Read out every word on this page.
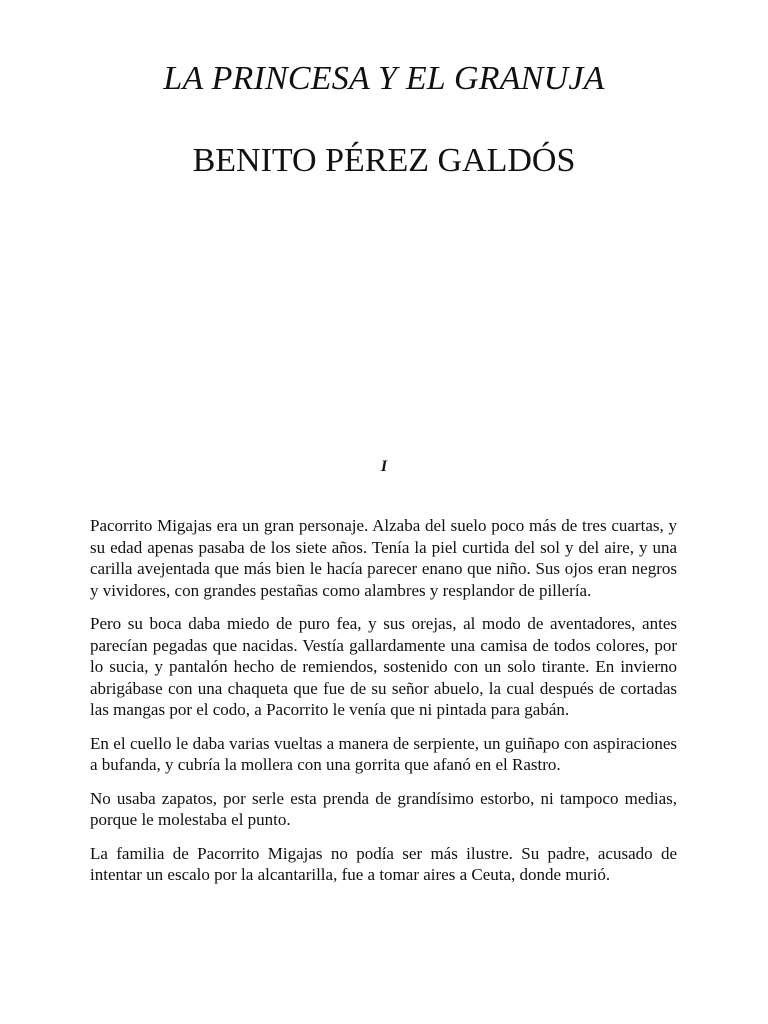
LA PRINCESA Y EL GRANUJA
BENITO PÉREZ GALDÓS
I

Pacorrito Migajas era un gran personaje. Alzaba del suelo poco más de tres cuartas, y su edad apenas pasaba de los siete años. Tenía la piel curtida del sol y del aire, y una carilla avejentada que más bien le hacía parecer enano que niño. Sus ojos eran negros y vividores, con grandes pestañas como alambres y resplandor de pillería.

Pero su boca daba miedo de puro fea, y sus orejas, al modo de aventadores, antes parecían pegadas que nacidas. Vestía gallardamente una camisa de todos colores, por lo sucia, y pantalón hecho de remiendos, sostenido con un solo tirante. En invierno abrigábase con una chaqueta que fue de su señor abuelo, la cual después de cortadas las mangas por el codo, a Pacorrito le venía que ni pintada para gabán.

En el cuello le daba varias vueltas a manera de serpiente, un guiñapo con aspiraciones a bufanda, y cubría la mollera con una gorrita que afanó en el Rastro.

No usaba zapatos, por serle esta prenda de grandísimo estorbo, ni tampoco medias, porque le molestaba el punto.

La familia de Pacorrito Migajas no podía ser más ilustre. Su padre, acusado de intentar un escalo por la alcantarilla, fue a tomar aires a Ceuta, donde murió.
